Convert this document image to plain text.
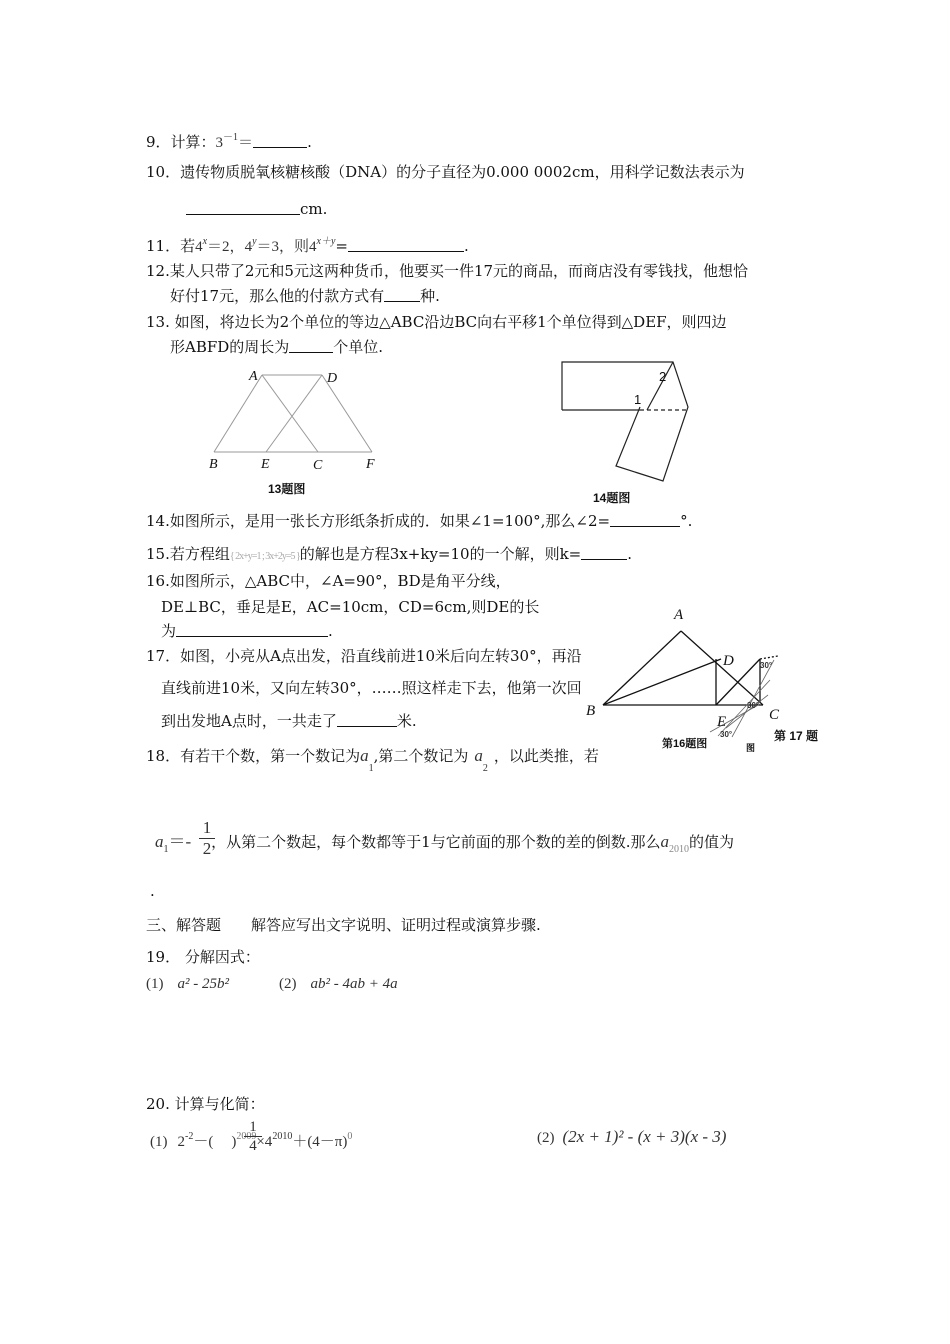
9．计算：$3^{-1}=$	.
10．遗传物质脱氧核糖核酸（DNA）的分子直径为0.000 0002cm，用科学记数法表示为
cm.
11．若$4^x=2$，$4^y=3$，则$4^{x+y}=$	.
12.某人只带了2元和5元这两种货币，他要买一件17元的商品，而商店没有零钱找，他想恰
好付17元，那么他的付款方式有 种.
13. 如图，将边长为2个单位的等边△ABC沿边BC向右平移1个单位得到△DEF，则四边
形ABFD的周长为	个单位.
A	D
B	E	C	F
13题图
2
1
14题图
14.如图所示，是用一张长方形纸条折成的．如果∠1=100°,那么∠2=	°.
15.若方程组{ 2x+y=1 ; 3x+2y=5 }的解也是方程3x+ky=10的一个解，则k=	.
16.如图所示，△ABC中，∠A=90°，BD是角平分线，
DE⊥BC，垂足是E，AC=10cm，CD=6cm,则DE的长
为	.
A
D
B
E	C
30°
30°
30°
第16题图
第 17 题
图
17．如图，小亮从A点出发，沿直线前进10米后向左转30°，再沿
直线前进10米，又向左转30°，……照这样走下去，他第一次回
到出发地A点时，一共走了	米.
18．有若干个数，第一个数记为$a_1$,第二个数记为 $a_2$，以此类推，若
$a_1=-$ ，从第二个数起，每个数都等于1与它前面的那个数的差的倒数.那么$a_{2010}$的值为
1
2
.
三、解答题 解答应写出文字说明、证明过程或演算步骤.
19． 分解因式：
(1) a² - 25b²	(2) ab² - 4ab + 4a
20. 计算与化简：
(1) $2^{-2}-$( )$^{2009}\times 4^{2010}+(4-\pi)^0$
1
4	(2) (2x + 1)² - (x + 3)(x - 3)
